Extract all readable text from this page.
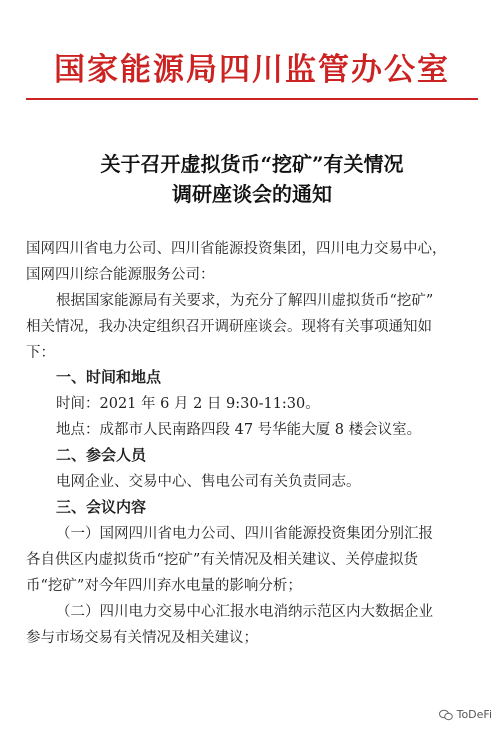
国家能源局四川监管办公室
关于召开虚拟货币“挖矿”有关情况
调研座谈会的通知
国网四川省电力公司、四川省能源投资集团，四川电力交易中心，
国网四川综合能源服务公司：
根据国家能源局有关要求，为充分了解四川虚拟货币“挖矿”
相关情况，我办决定组织召开调研座谈会。现将有关事项通知如
下：
一、时间和地点
时间：2021 年 6 月 2 日 9:30-11:30。
地点：成都市人民南路四段 47 号华能大厦 8 楼会议室。
二、参会人员
电网企业、交易中心、售电公司有关负责同志。
三、会议内容
（一）国网四川省电力公司、四川省能源投资集团分别汇报
各自供区内虚拟货币“挖矿”有关情况及相关建议、关停虚拟货
币“挖矿”对今年四川弃水电量的影响分析；
（二）四川电力交易中心汇报水电消纳示范区内大数据企业
参与市场交易有关情况及相关建议；
ToDeFi
